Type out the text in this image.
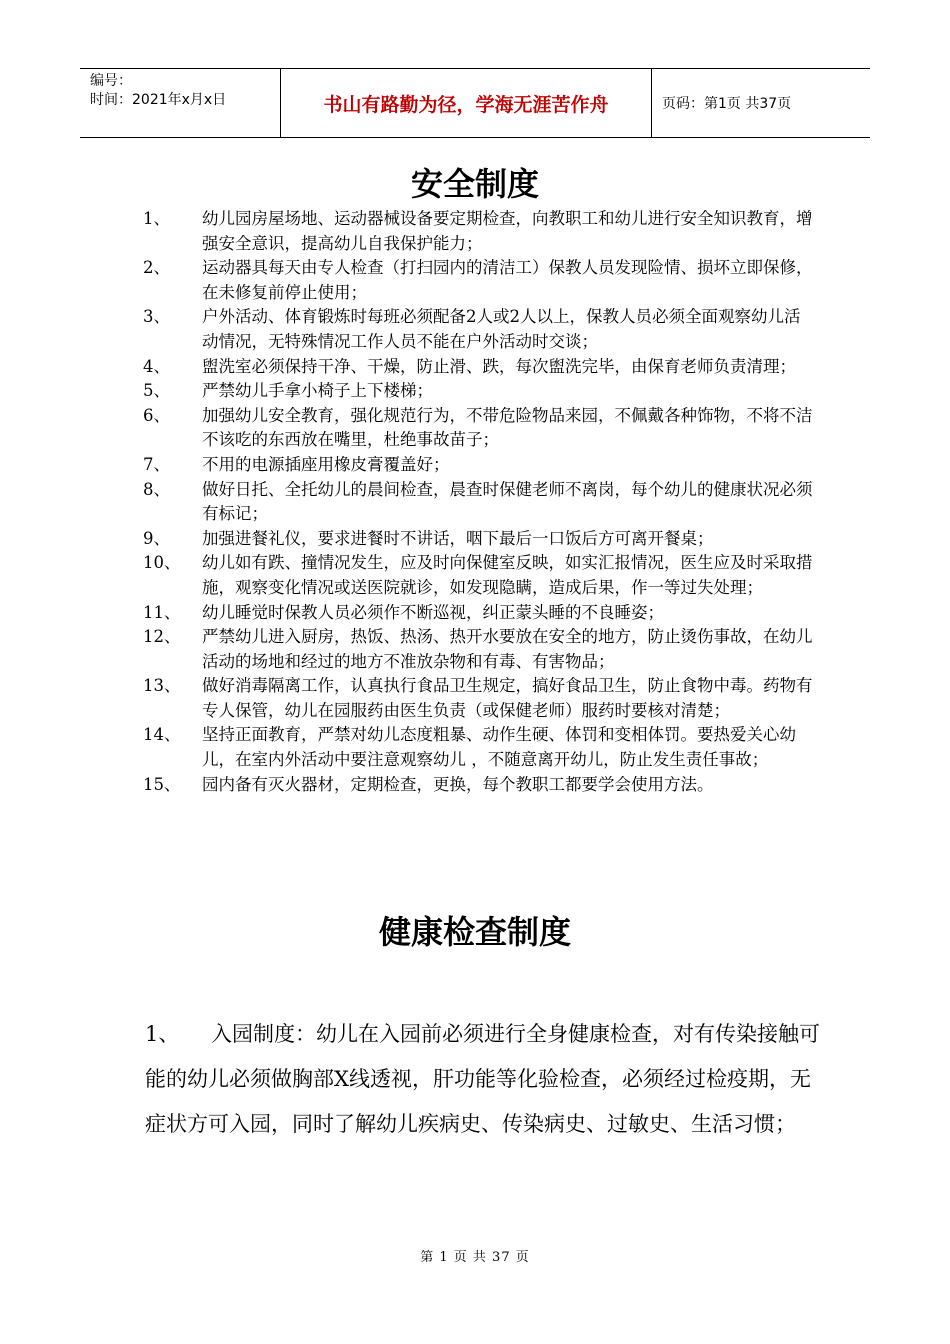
编号：
时间：2021年x月x日	书山有路勤为径，学海无涯苦作舟	页码：第1页 共37页
安全制度
1、 幼儿园房屋场地、运动器械设备要定期检查，向教职工和幼儿进行安全知识教育，增强安全意识，提高幼儿自我保护能力；
2、 运动器具每天由专人检查（打扫园内的清洁工）保教人员发现险情、损坏立即保修，在未修复前停止使用；
3、 户外活动、体育锻炼时每班必须配备2人或2人以上，保教人员必须全面观察幼儿活动情况，无特殊情况工作人员不能在户外活动时交谈；
4、 盥洗室必须保持干净、干燥，防止滑、跌，每次盥洗完毕，由保育老师负责清理；
5、 严禁幼儿手拿小椅子上下楼梯；
6、 加强幼儿安全教育，强化规范行为，不带危险物品来园，不佩戴各种饰物，不将不洁不该吃的东西放在嘴里，杜绝事故苗子；
7、 不用的电源插座用橡皮膏覆盖好；
8、 做好日托、全托幼儿的晨间检查，晨查时保健老师不离岗，每个幼儿的健康状况必须有标记；
9、 加强进餐礼仪，要求进餐时不讲话，咽下最后一口饭后方可离开餐桌；
10、 幼儿如有跌、撞情况发生，应及时向保健室反映，如实汇报情况，医生应及时采取措施，观察变化情况或送医院就诊，如发现隐瞒，造成后果，作一等过失处理；
11、 幼儿睡觉时保教人员必须作不断巡视，纠正蒙头睡的不良睡姿；
12、 严禁幼儿进入厨房，热饭、热汤、热开水要放在安全的地方，防止烫伤事故，在幼儿活动的场地和经过的地方不准放杂物和有毒、有害物品；
13、 做好消毒隔离工作，认真执行食品卫生规定，搞好食品卫生，防止食物中毒。药物有专人保管，幼儿在园服药由医生负责（或保健老师）服药时要核对清楚；
14、 坚持正面教育，严禁对幼儿态度粗暴、动作生硬、体罚和变相体罚。要热爱关心幼儿，在室内外活动中要注意观察幼儿 ，不随意离开幼儿，防止发生责任事故；
15、 园内备有灭火器材，定期检查，更换，每个教职工都要学会使用方法。
健康检查制度
1、 入园制度：幼儿在入园前必须进行全身健康检查，对有传染接触可能的幼儿必须做胸部X线透视，肝功能等化验检查，必须经过检疫期，无症状方可入园，同时了解幼儿疾病史、传染病史、过敏史、生活习惯；
第 1 页 共 37 页
